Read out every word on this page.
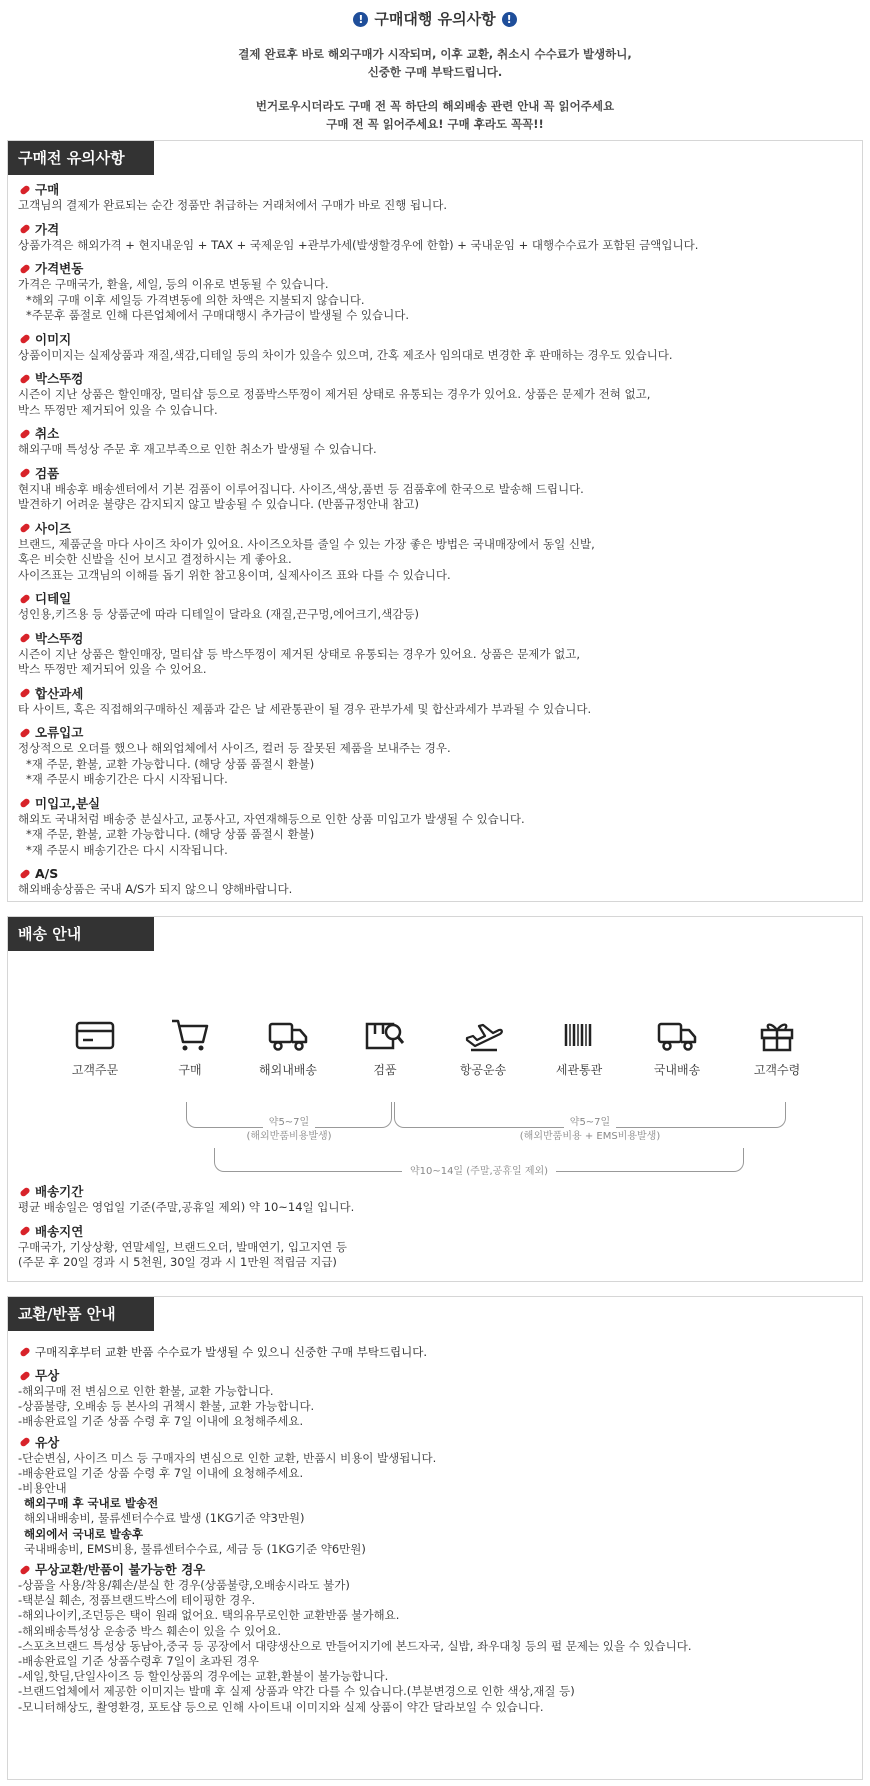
! 구매대행 유의사항 !
결제 완료후 바로 해외구매가 시작되며, 이후 교환, 취소시 수수료가 발생하니,
신중한 구매 부탁드립니다.
번거로우시더라도 구매 전 꼭 하단의 해외배송 관련 안내 꼭 읽어주세요
구매 전 꼭 읽어주세요! 구매 후라도 꼭꼭!!
구매전 유의사항
구매
고객님의 결제가 완료되는 순간 정품만 취급하는 거래처에서 구매가 바로 진행 됩니다.
가격
상품가격은 해외가격 + 현지내운임 + TAX + 국제운임 +관부가세(발생할경우에 한함) + 국내운임 + 대행수수료가 포함된 금액입니다.
가격변동
가격은 구매국가, 환율, 세일, 등의 이유로 변동될 수 있습니다.
*해외 구매 이후 세일등 가격변동에 의한 차액은 지불되지 않습니다.
*주문후 품절로 인해 다른업체에서 구매대행시 추가금이 발생될 수 있습니다.
이미지
상품이미지는 실제상품과 재질,색감,디테일 등의 차이가 있을수 있으며, 간혹 제조사 임의대로 변경한 후 판매하는 경우도 있습니다.
박스뚜껑
시즌이 지난 상품은 할인매장, 멀티샵 등으로 정품박스뚜껑이 제거된 상태로 유통되는 경우가 있어요. 상품은 문제가 전혀 없고,
박스 뚜껑만 제거되어 있을 수 있습니다.
취소
해외구매 특성상 주문 후 재고부족으로 인한 취소가 발생될 수 있습니다.
검품
현지내 배송후 배송센터에서 기본 검품이 이루어집니다. 사이즈,색상,품번 등 검품후에 한국으로 발송해 드립니다.
발견하기 어려운 불량은 감지되지 않고 발송될 수 있습니다. (반품규정안내 참고)
사이즈
브랜드, 제품군을 마다 사이즈 차이가 있어요. 사이즈오차를 줄일 수 있는 가장 좋은 방법은 국내매장에서 동일 신발,
혹은 비슷한 신발을 신어 보시고 결정하시는 게 좋아요.
사이즈표는 고객님의 이해를 돕기 위한 참고용이며, 실제사이즈 표와 다를 수 있습니다.
디테일
성인용,키즈용 등 상품군에 따라 디테일이 달라요 (재질,끈구멍,에어크기,색감등)
박스뚜껑
시즌이 지난 상품은 할인매장, 멀티샵 등 박스뚜껑이 제거된 상태로 유통되는 경우가 있어요. 상품은 문제가 없고,
박스 뚜껑만 제거되어 있을 수 있어요.
합산과세
타 사이트, 혹은 직접해외구매하신 제품과 같은 날 세관통관이 될 경우 관부가세 및 합산과세가 부과될 수 있습니다.
오류입고
정상적으로 오더를 했으나 해외업체에서 사이즈, 컬러 등 잘못된 제품을 보내주는 경우.
*재 주문, 환불, 교환 가능합니다. (해당 상품 품절시 환불)
*재 주문시 배송기간은 다시 시작됩니다.
미입고,분실
해외도 국내처럼 배송중 분실사고, 교통사고, 자연재해등으로 인한 상품 미입고가 발생될 수 있습니다.
*재 주문, 환불, 교환 가능합니다. (해당 상품 품절시 환불)
*재 주문시 배송기간은 다시 시작됩니다.
A/S
해외배송상품은 국내 A/S가 되지 않으니 양해바랍니다.
배송 안내
배송기간
평균 배송일은 영업일 기준(주말,공휴일 제외) 약 10~14일 입니다.
배송지연
구매국가, 기상상황, 연말세일, 브랜드오더, 발매연기, 입고지연 등
(주문 후 20일 경과 시 5천원, 30일 경과 시 1만원 적립금 지급)
고객주문	구매	해외내배송	검품	항공운송	세관통관	국내배송	고객수령
약5~7일
(해외반품비용발생)
약5~7일
(해외반품비용 + EMS비용발생)
약10~14일 (주말,공휴일 제외)
교환/반품 안내
구매직후부터 교환 반품 수수료가 발생될 수 있으니 신중한 구매 부탁드립니다.
무상
-해외구매 전 변심으로 인한 환불, 교환 가능합니다.
-상품불량, 오배송 등 본사의 귀책시 환불, 교환 가능합니다.
-배송완료일 기준 상품 수령 후 7일 이내에 요청해주세요.
유상
-단순변심, 사이즈 미스 등 구매자의 변심으로 인한 교환, 반품시 비용이 발생됩니다.
-배송완료일 기준 상품 수령 후 7일 이내에 요청해주세요.
-비용안내
해외구매 후 국내로 발송전
해외내배송비, 물류센터수수료 발생 (1KG기준 약3만원)
해외에서 국내로 발송후
국내배송비, EMS비용, 물류센터수수료, 세금 등 (1KG기준 약6만원)
무상교환/반품이 불가능한 경우
-상품을 사용/착용/훼손/분실 한 경우(상품불량,오배송시라도 불가)
-택분실 훼손, 정품브랜드박스에 테이핑한 경우.
-해외나이키,조던등은 택이 원래 없어요. 택의유무로인한 교환반품 불가해요.
-해외배송특성상 운송중 박스 훼손이 있을 수 있어요.
-스포츠브랜드 특성상 동남아,중국 등 공장에서 대량생산으로 만들어지기에 본드자국, 실밥, 좌우대칭 등의 펄 문제는 있을 수 있습니다.
-배송완료일 기준 상품수령후 7일이 초과된 경우
-세일,핫딜,단일사이즈 등 할인상품의 경우에는 교환,환불이 불가능합니다.
-브랜드업체에서 제공한 이미지는 발매 후 실제 상품과 약간 다를 수 있습니다.(부분변경으로 인한 색상,재질 등)
-모니터해상도, 촬영환경, 포토샵 등으로 인해 사이트내 이미지와 실제 상품이 약간 달라보일 수 있습니다.
